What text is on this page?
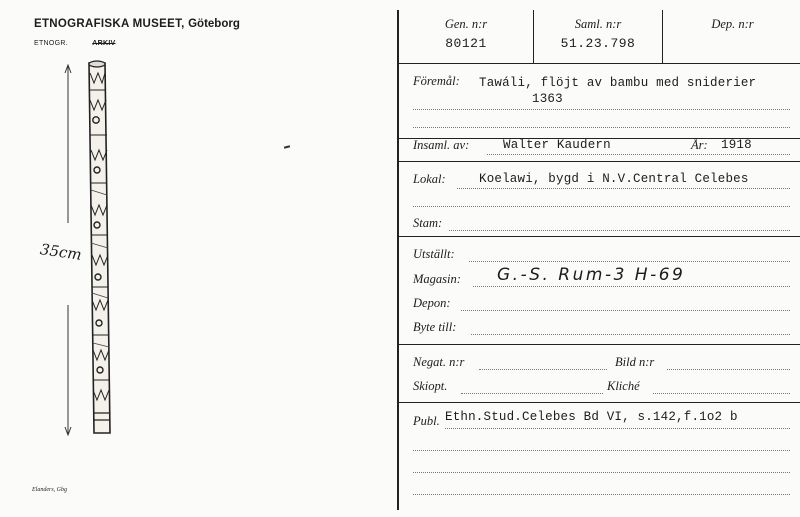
ETNOGRAFISKA MUSEET, Göteborg
ETNOGR.	ARKIV
35cm
Elanders, Gbg
Gen. n:r
80121
Saml. n:r
51.23.798
Dep. n:r
Föremål: Tawáli, flöjt av bambu med sniderier
1363
Insaml. av:	Walter Kaudern	År: 1918
Lokal:	Koelawi, bygd i N.V.Central Celebes
Stam:
Utställt:
Magasin: G.-S. Rum-3 H-69
Depon:
Byte till:
Negat. n:r	Bild n:r
Skiopt.	Kliché
Publ. Ethn.Stud.Celebes Bd VI, s.142,f.1o2 b
